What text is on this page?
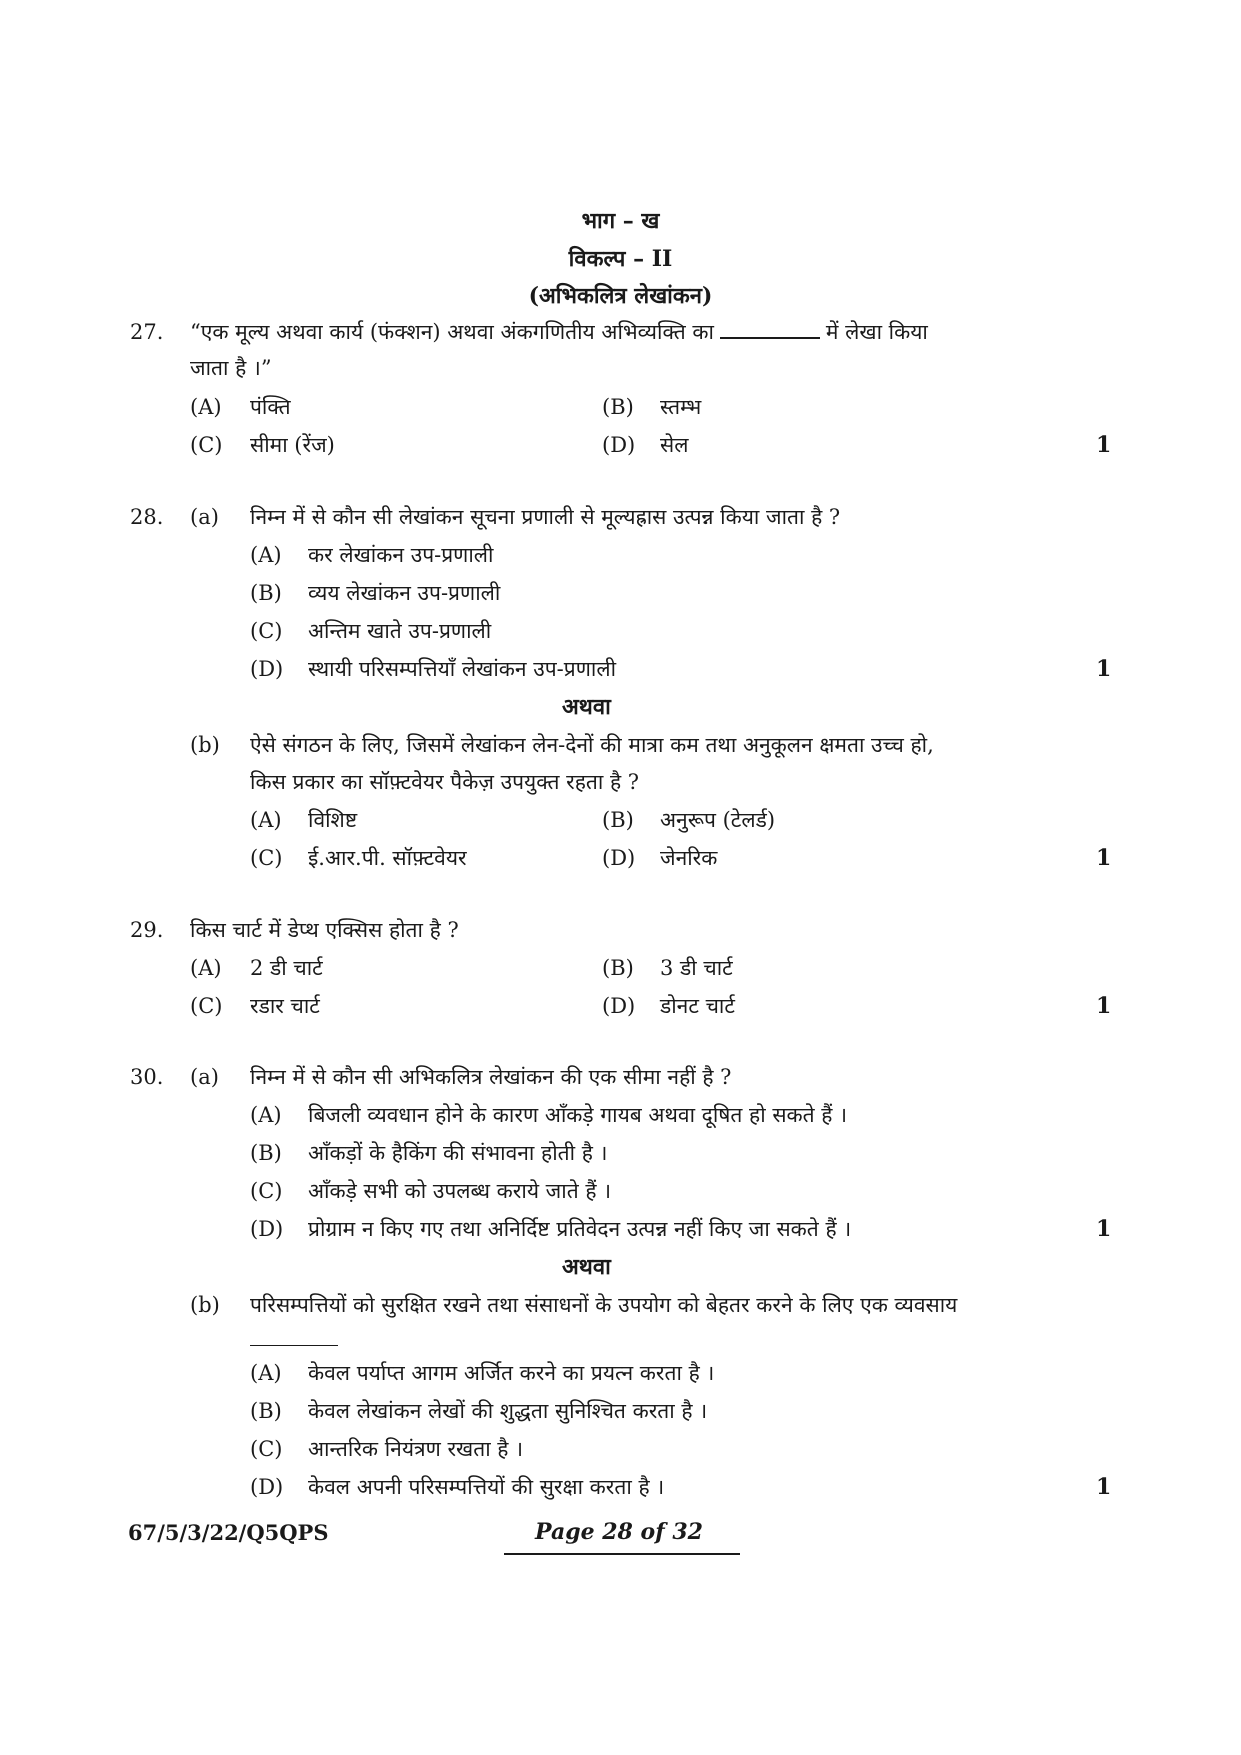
भाग – ख
विकल्प – II
(अभिकलित्र लेखांकन)
27. “एक मूल्य अथवा कार्य (फंक्शन) अथवा अंकगणितीय अभिव्यक्ति का	में लेखा किया
जाता है ।”
(A) पंक्ति	(B) स्तम्भ
(C) सीमा (रेंज)	(D) सेल	1
28. (a) निम्न में से कौन सी लेखांकन सूचना प्रणाली से मूल्यह्रास उत्पन्न किया जाता है ?
(A) कर लेखांकन उप-प्रणाली
(B) व्यय लेखांकन उप-प्रणाली
(C) अन्तिम खाते उप-प्रणाली
(D) स्थायी परिसम्पत्तियाँ लेखांकन उप-प्रणाली	1
अथवा
(b) ऐसे संगठन के लिए, जिसमें लेखांकन लेन-देनों की मात्रा कम तथा अनुकूलन क्षमता उच्च हो,
किस प्रकार का सॉफ़्टवेयर पैकेज़ उपयुक्त रहता है ?
(A) विशिष्ट	(B) अनुरूप (टेलर्ड)
(C) ई.आर.पी. सॉफ़्टवेयर	(D) जेनरिक	1
29. किस चार्ट में डेप्थ एक्सिस होता है ?
(A) 2 डी चार्ट	(B) 3 डी चार्ट
(C) रडार चार्ट	(D) डोनट चार्ट	1
30. (a) निम्न में से कौन सी अभिकलित्र लेखांकन की एक सीमा नहीं है ?
(A) बिजली व्यवधान होने के कारण आँकड़े गायब अथवा दूषित हो सकते हैं ।
(B) आँकड़ों के हैकिंग की संभावना होती है ।
(C) आँकड़े सभी को उपलब्ध कराये जाते हैं ।
(D) प्रोग्राम न किए गए तथा अनिर्दिष्ट प्रतिवेदन उत्पन्न नहीं किए जा सकते हैं ।	1
अथवा
(b) परिसम्पत्तियों को सुरक्षित रखने तथा संसाधनों के उपयोग को बेहतर करने के लिए एक व्यवसाय
(A) केवल पर्याप्त आगम अर्जित करने का प्रयत्न करता है ।
(B) केवल लेखांकन लेखों की शुद्धता सुनिश्चित करता है ।
(C) आन्तरिक नियंत्रण रखता है ।
(D) केवल अपनी परिसम्पत्तियों की सुरक्षा करता है ।	1
67/5/3/22/Q5QPS	Page 28 of 32
